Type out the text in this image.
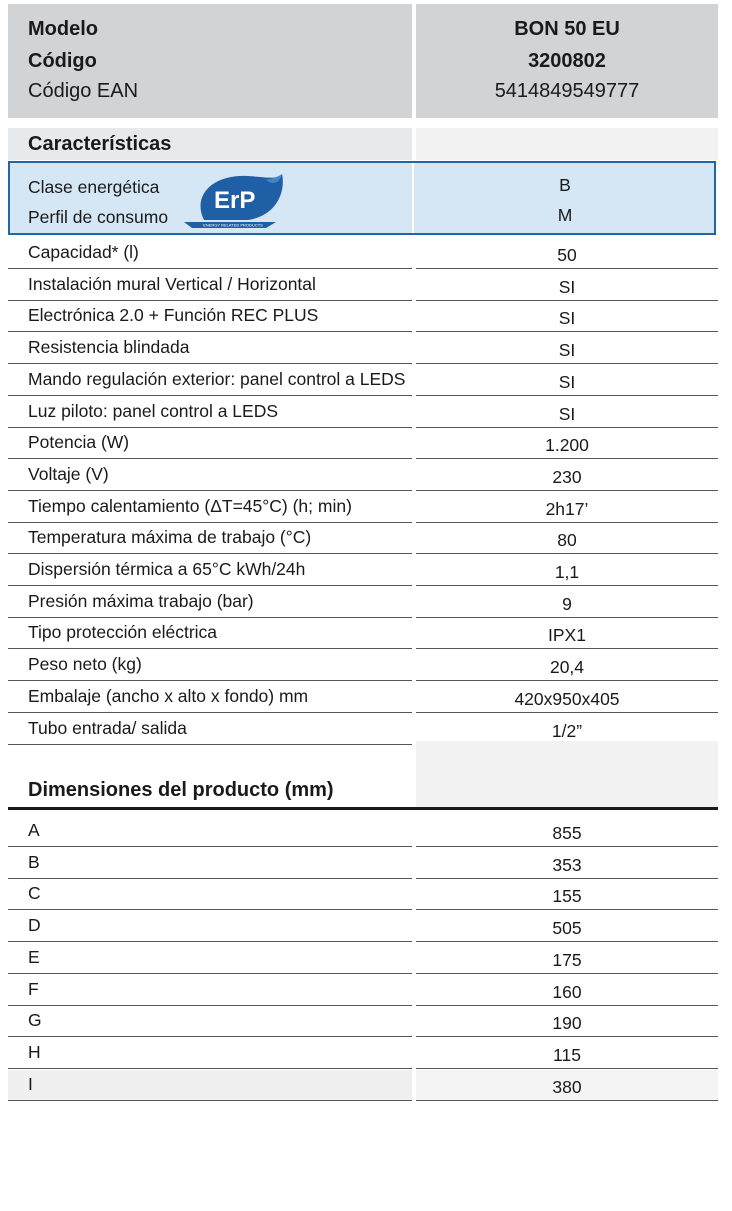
Modelo	BON 50 EU
Código	3200802
Código EAN	5414849549777
Características
Clase energética	B
Perfil de consumo	M
ErP
ENERGY RELATED PRODUCTS
Capacidad* (l)	50
Instalación mural Vertical / Horizontal	SI
Electrónica 2.0 + Función REC PLUS	SI
Resistencia blindada	SI
Mando regulación exterior: panel control a LEDS	SI
Luz piloto: panel control a LEDS	SI
Potencia (W)	1.200
Voltaje (V)	230
Tiempo calentamiento (ΔT=45°C) (h; min)	2h17’
Temperatura máxima de trabajo (°C)	80
Dispersión térmica a 65°C kWh/24h	1,1
Presión máxima trabajo (bar)	9
Tipo protección eléctrica	IPX1
Peso neto (kg)	20,4
Embalaje (ancho x alto x fondo) mm	420x950x405
Tubo entrada/ salida	1/2”
Dimensiones del producto (mm)
A	855
B	353
C	155
D	505
E	175
F	160
G	190
H	115
I	380
